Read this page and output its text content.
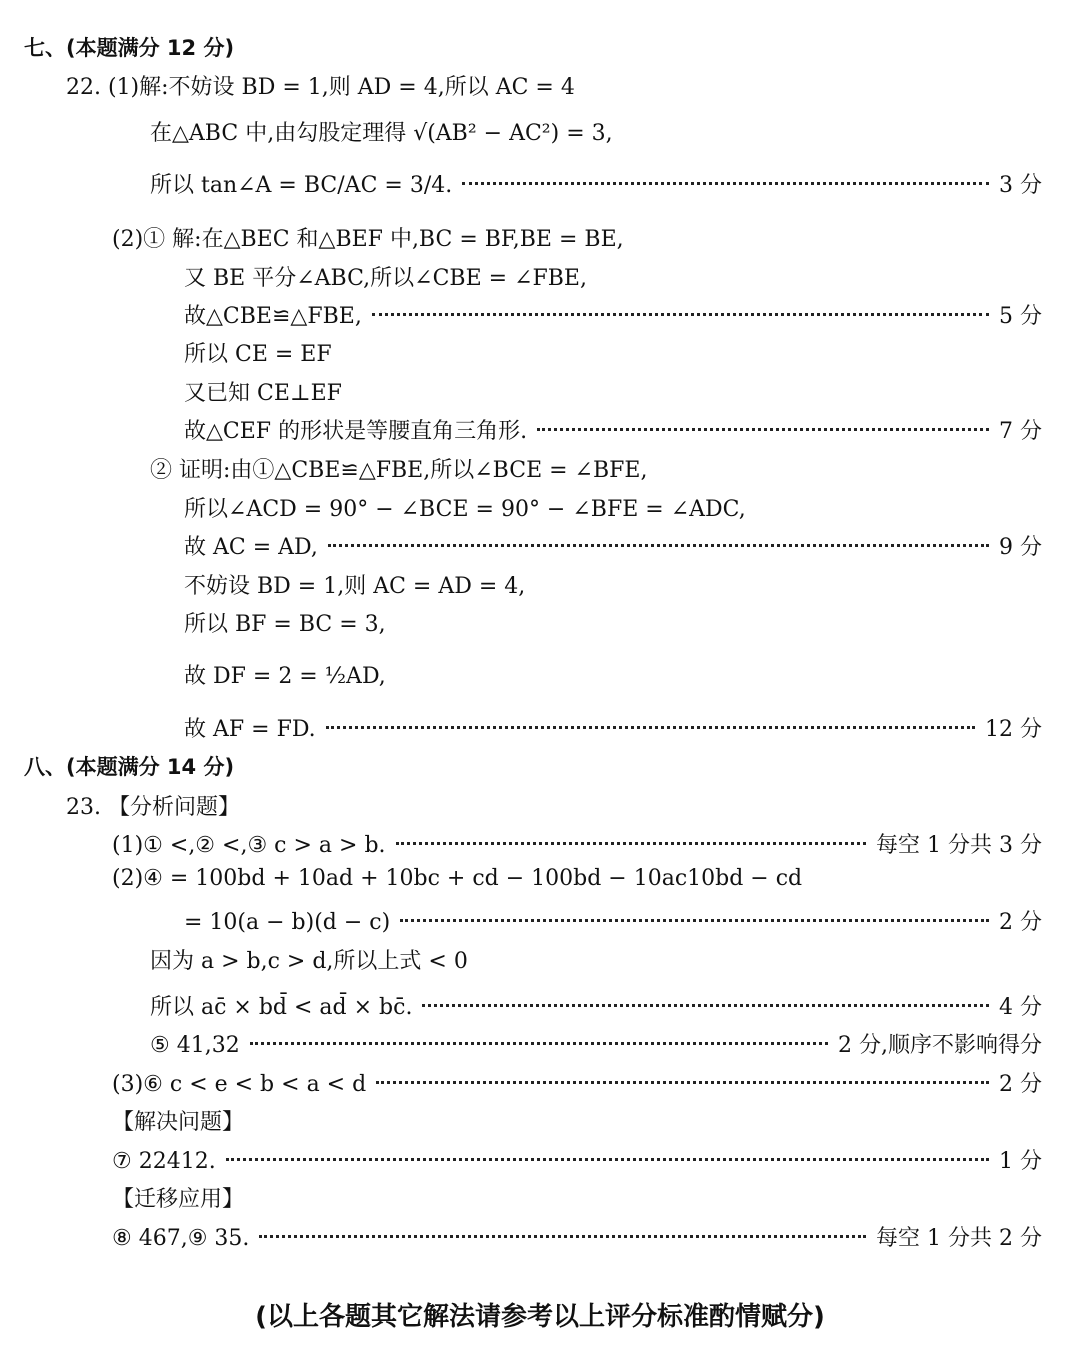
七、(本题满分 12 分)
22. (1)解:不妨设 BD = 1,则 AD = 4,所以 AC = 4
在△ABC 中,由勾股定理得 √(AB² − AC²) = 3,
所以 tan∠A = BC/AC = 3/4.	3 分
(2)① 解:在△BEC 和△BEF 中,BC = BF,BE = BE,
又 BE 平分∠ABC,所以∠CBE = ∠FBE,
故△CBE≌△FBE,	5 分
所以 CE = EF
又已知 CE⊥EF
故△CEF 的形状是等腰直角三角形.	7 分
② 证明:由①△CBE≌△FBE,所以∠BCE = ∠BFE,
所以∠ACD = 90° − ∠BCE = 90° − ∠BFE = ∠ADC,
故 AC = AD,	9 分
不妨设 BD = 1,则 AC = AD = 4,
所以 BF = BC = 3,
故 DF = 2 = ½AD,
故 AF = FD.	12 分
八、(本题满分 14 分)
23. 【分析问题】
(1)① <,② <,③ c > a > b.	每空 1 分共 3 分
(2)④ = 100bd + 10ad + 10bc + cd − 100bd − 10ac10bd − cd
= 10(a − b)(d − c)	2 分
因为 a > b,c > d,所以上式 < 0
所以 ac̄ × bd̄ < ad̄ × bc̄.	4 分
⑤ 41,32	2 分,顺序不影响得分
(3)⑥ c < e < b < a < d	2 分
【解决问题】
⑦ 22412.	1 分
【迁移应用】
⑧ 467,⑨ 35.	每空 1 分共 2 分
(以上各题其它解法请参考以上评分标准酌情赋分)
